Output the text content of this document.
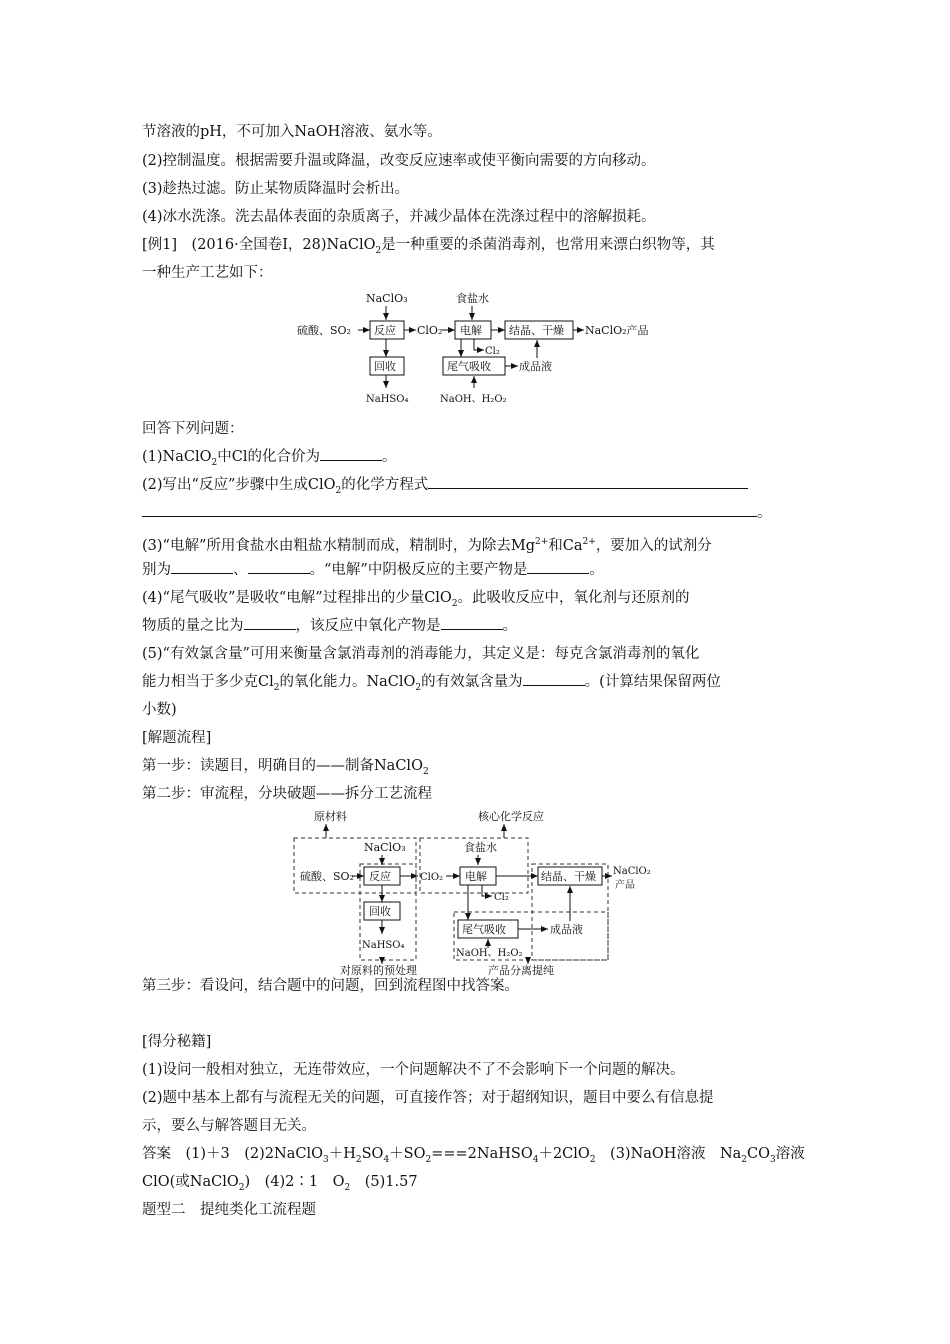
节溶液的pH，不可加入NaOH溶液、氨水等。
(2)控制温度。根据需要升温或降温，改变反应速率或使平衡向需要的方向移动。
(3)趁热过滤。防止某物质降温时会析出。
(4)冰水洗涤。洗去晶体表面的杂质离子，并减少晶体在洗涤过程中的溶解损耗。
[例1]　(2016·全国卷Ⅰ，28)NaClO$_2$是一种重要的杀菌消毒剂，也常用来漂白织物等，其
一种生产工艺如下：
NaClO₃	食盐水
硫酸、SO₂ 反应 ClO₂ 电解 结晶、干燥 NaClO₂产品
Cl₂
回收
NaHSO₄
尾气吸收	成品液
NaOH、H₂O₂
回答下列问题：
(1)NaClO$_2$中Cl的化合价为	。
(2)写出“反应”步骤中生成ClO$_2$的化学方程式
。
(3)“电解”所用食盐水由粗盐水精制而成，精制时，为除去$Mg^{2+}$和$Ca^{2+}$，要加入的试剂分
别为	、	。“电解”中阴极反应的主要产物是	。
(4)“尾气吸收”是吸收“电解”过程排出的少量ClO$_2$。此吸收反应中，氧化剂与还原剂的
物质的量之比为	，该反应中氧化产物是	。
(5)“有效氯含量”可用来衡量含氯消毒剂的消毒能力，其定义是：每克含氯消毒剂的氧化
能力相当于多少克$Cl_2$的氧化能力。NaClO$_2$的有效氯含量为	。(计算结果保留两位
小数)
[解题流程]
第一步：读题目，明确目的——制备NaClO$_2$
第二步：审流程，分块破题——拆分工艺流程
原材料	核心化学反应
NaClO₃	食盐水
硫酸、SO₂ 反应	ClO₂ 电解	结晶、干燥 NaClO₂
产品
Cl₂
回收
NaHSO₄
尾气吸收	成品液
NaOH、H₂O₂
对原料的预处理	产品分离提纯
第三步：看设问，结合题中的问题，回到流程图中找答案。
[得分秘籍]
(1)设问一般相对独立，无连带效应，一个问题解决不了不会影响下一个问题的解决。
(2)题中基本上都有与流程无关的问题，可直接作答；对于超纲知识，题目中要么有信息提
示，要么与解答题目无关。
答案　(1)＋3　$(2)2NaClO_3+H_2SO_4+SO_2===2NaHSO_4+2ClO_2$　(3)NaOH溶液　$Na_2CO_3$溶液
ClO(或NaClO$_2$)　(4)2∶1　$O_2$　(5)1.57
题型二　提纯类化工流程题
